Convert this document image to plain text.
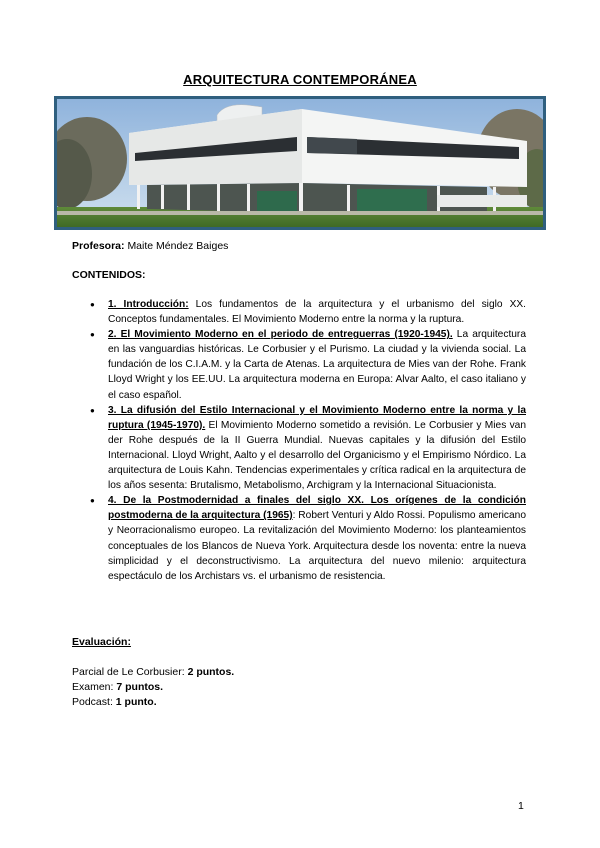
ARQUITECTURA CONTEMPORÁNEA
Profesora: Maite Méndez Baiges
CONTENIDOS:
● 1. Introducción: Los fundamentos de la arquitectura y el urbanismo del siglo XX. Conceptos fundamentales. El Movimiento Moderno entre la norma y la ruptura.
● 2. El Movimiento Moderno en el periodo de entreguerras (1920-1945). La arquitectura en las vanguardias históricas. Le Corbusier y el Purismo. La ciudad y la vivienda social. La fundación de los C.I.A.M. y la Carta de Atenas. La arquitectura de Mies van der Rohe. Frank Lloyd Wright y los EE.UU. La arquitectura moderna en Europa: Alvar Aalto, el caso italiano y el caso español.
● 3. La difusión del Estilo Internacional y el Movimiento Moderno entre la norma y la ruptura (1945-1970). El Movimiento Moderno sometido a revisión. Le Corbusier y Mies van der Rohe después de la II Guerra Mundial. Nuevas capitales y la difusión del Estilo Internacional. Lloyd Wright, Aalto y el desarrollo del Organicismo y el Empirismo Nórdico. La arquitectura de Louis Kahn. Tendencias experimentales y crítica radical en la arquitectura de los años sesenta: Brutalismo, Metabolismo, Archigram y la Internacional Situacionista.
● 4. De la Postmodernidad a finales del siglo XX. Los orígenes de la condición postmoderna de la arquitectura (1965): Robert Venturi y Aldo Rossi. Populismo americano y Neorracionalismo europeo. La revitalización del Movimiento Moderno: los planteamientos conceptuales de los Blancos de Nueva York. Arquitectura desde los noventa: entre la nueva simplicidad y el deconstructivismo. La arquitectura del nuevo milenio: arquitectura espectáculo de los Archistars vs. el urbanismo de resistencia.
Evaluación:
Parcial de Le Corbusier: 2 puntos.
Examen: 7 puntos.
Podcast: 1 punto.
1
